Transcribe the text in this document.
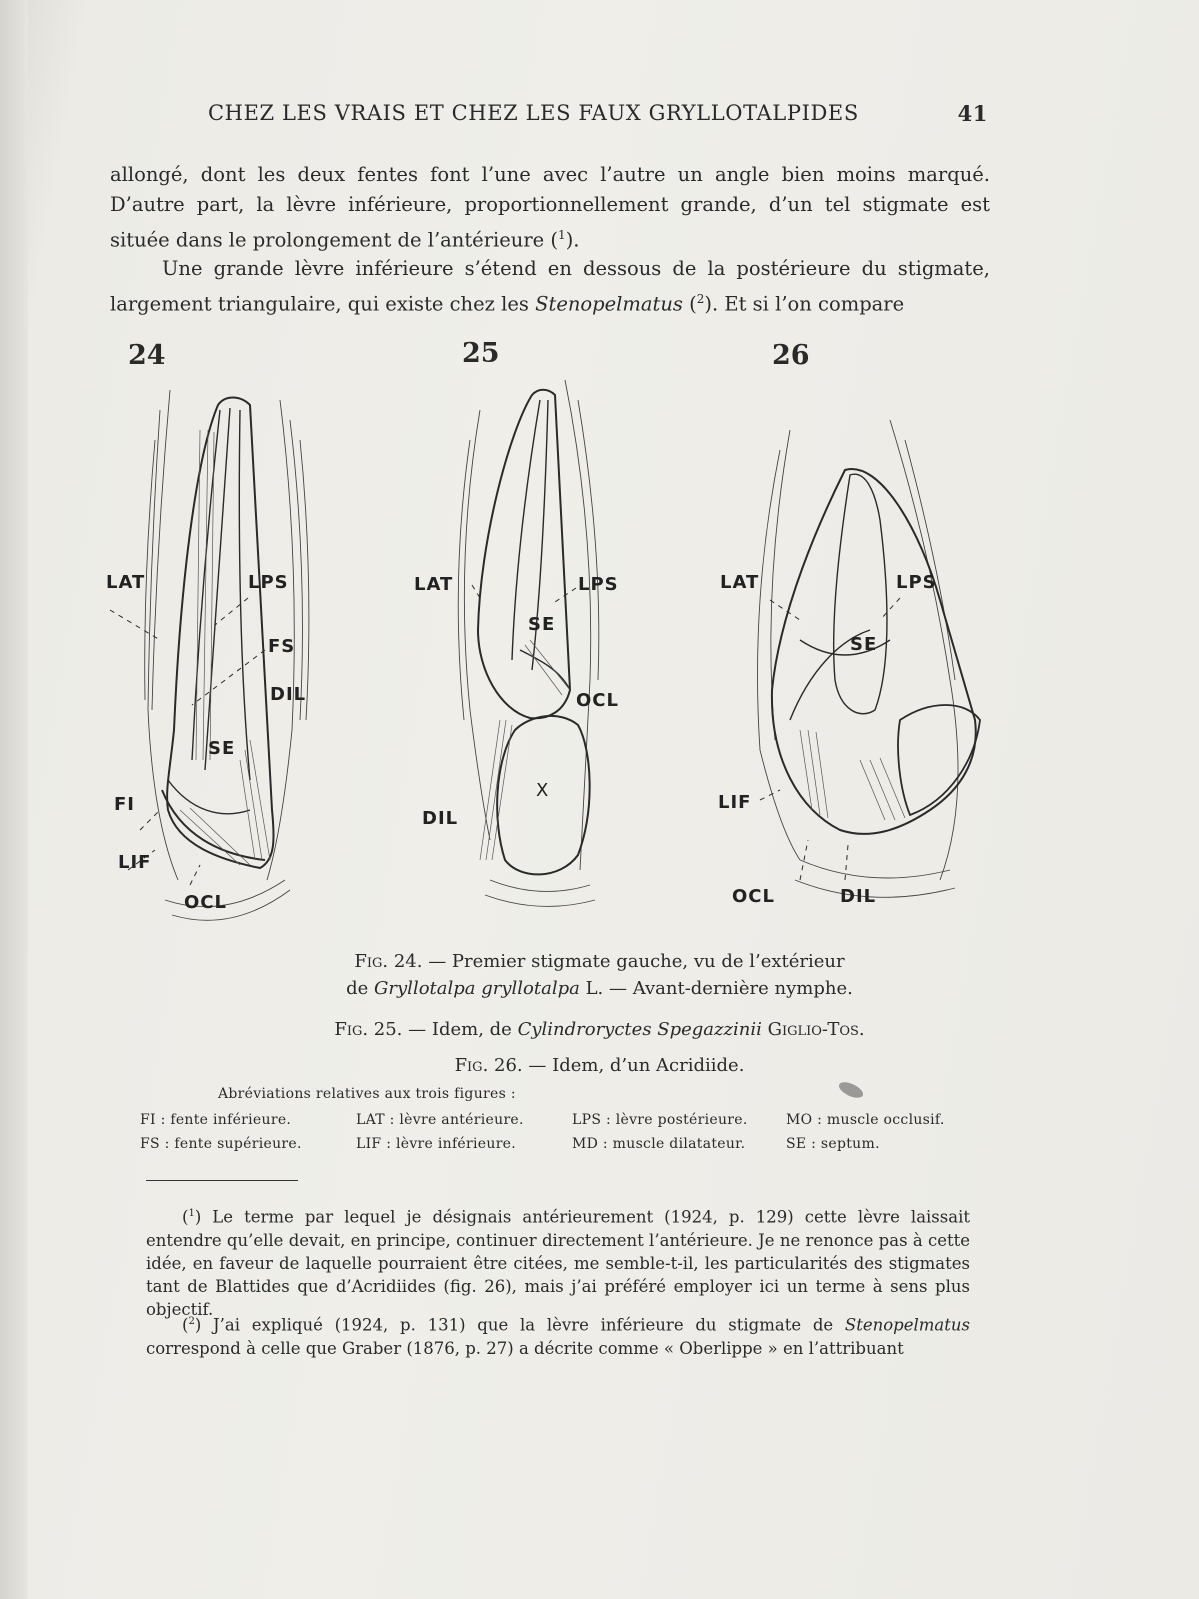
CHEZ LES VRAIS ET CHEZ LES FAUX GRYLLOTALPIDES	41

allongé, dont les deux fentes font l’une avec l’autre un angle bien moins marqué. D’autre part, la lèvre inférieure, proportionnellement grande, d’un tel stigmate est située dans le prolongement de l’antérieure ($^1$).

Une grande lèvre inférieure s’étend en dessous de la postérieure du stigmate, largement triangulaire, qui existe chez les Stenopelmatus ($^2$). Et si l’on compare

24	25	26
LAT	LPS
FS
DIL
SE
FI
LIF
OCL
LAT	LPS
SE
OCL
X
DIL
LAT	LPS
SE
LIF
OCL	DIL
Fig. 24. — Premier stigmate gauche, vu de l’extérieur
de Gryllotalpa gryllotalpa L. — Avant-dernière nymphe.
Fig. 25. — Idem, de Cylindroryctes Spegazzinii Giglio-Tos.
Fig. 26. — Idem, d’un Acridiide.
Abréviations relatives aux trois figures :
FI : fente inférieure.	LAT : lèvre antérieure.	LPS : lèvre postérieure.	MO : muscle occlusif.
FS : fente supérieure.	LIF : lèvre inférieure.	MD : muscle dilatateur.	SE : septum.

($^1$) Le terme par lequel je désignais antérieurement (1924, p. 129) cette lèvre laissait entendre qu’elle devait, en principe, continuer directement l’antérieure. Je ne renonce pas à cette idée, en faveur de laquelle pourraient être citées, me semble-t-il, les particularités des stigmates tant de Blattides que d’Acridiides (fig. 26), mais j’ai préféré employer ici un terme à sens plus objectif.

($^2$) J’ai expliqué (1924, p. 131) que la lèvre inférieure du stigmate de Stenopelmatus correspond à celle que Graber (1876, p. 27) a décrite comme « Oberlippe » en l’attribuant
